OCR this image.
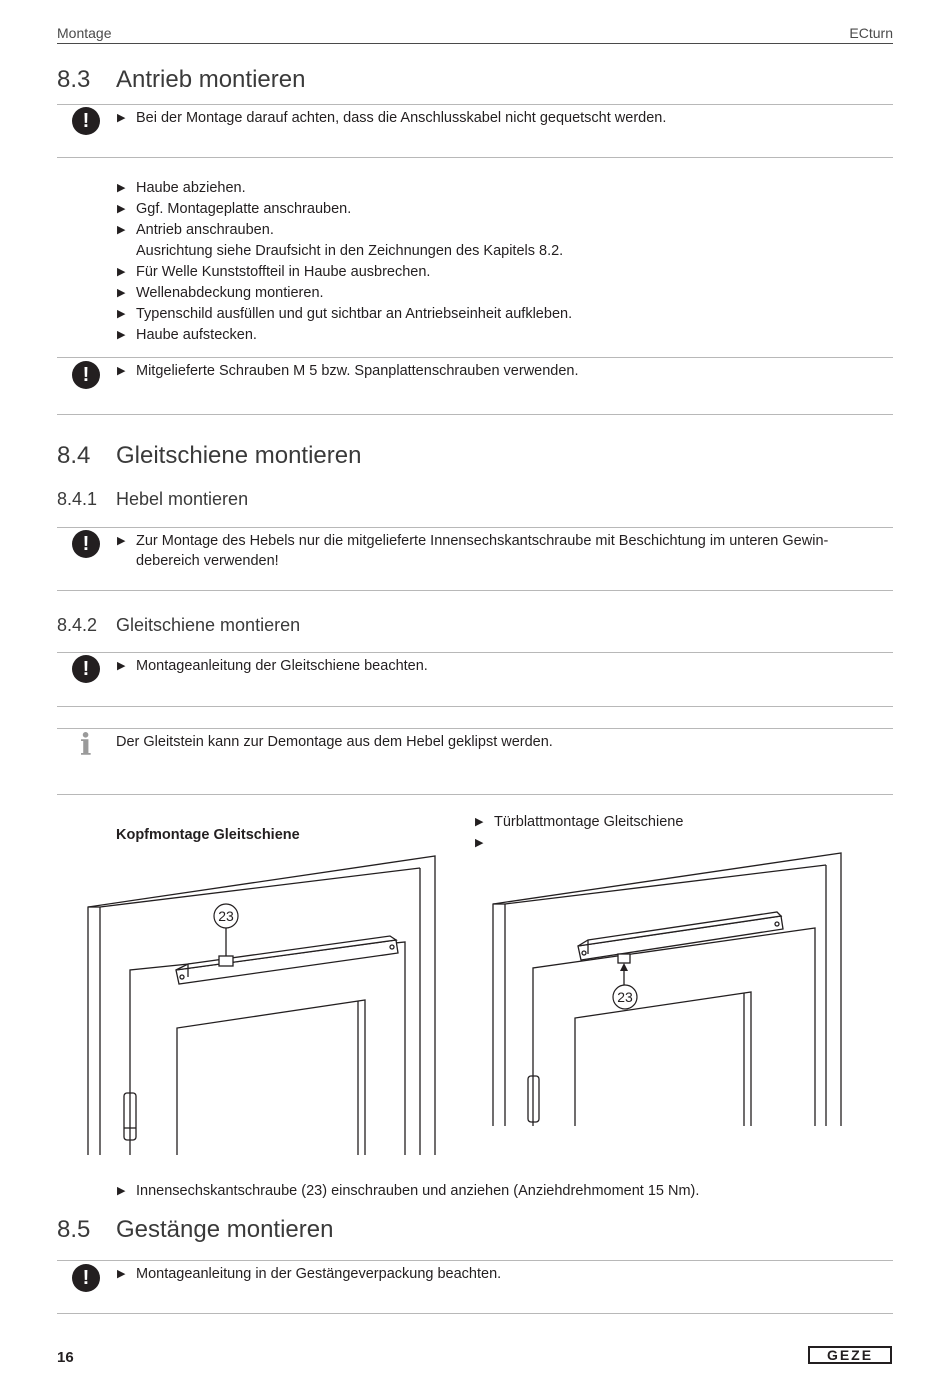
Montage	ECturn
8.3 Antrieb montieren
!	▶ Bei der Montage darauf achten, dass die Anschlusskabel nicht gequetscht werden.
▶ Haube abziehen.
▶ Ggf. Montageplatte anschrauben.
▶ Antrieb anschrauben.
Ausrichtung siehe Draufsicht in den Zeichnungen des Kapitels 8.2.
▶ Für Welle Kunststoffteil in Haube ausbrechen.
▶ Wellenabdeckung montieren.
▶ Typenschild ausfüllen und gut sichtbar an Antriebseinheit aufkleben.
▶ Haube aufstecken.
!	▶ Mitgelieferte Schrauben M 5 bzw. Spanplattenschrauben verwenden.
8.4 Gleitschiene montieren
8.4.1 Hebel montieren
!	▶ Zur Montage des Hebels nur die mitgelieferte Innensechskantschraube mit Beschichtung im unteren Gewin-
debereich verwenden!
8.4.2 Gleitschiene montieren
!	▶ Montageanleitung der Gleitschiene beachten.
i Der Gleitstein kann zur Demontage aus dem Hebel geklipst werden.
Kopfmontage Gleitschiene
▶ Türblattmontage Gleitschiene
▶
23
23
▶ Innensechskantschraube (23) einschrauben und anziehen (Anziehdrehmoment 15 Nm).
8.5 Gestänge montieren
!	▶ Montageanleitung in der Gestängeverpackung beachten.
16	GEZE
